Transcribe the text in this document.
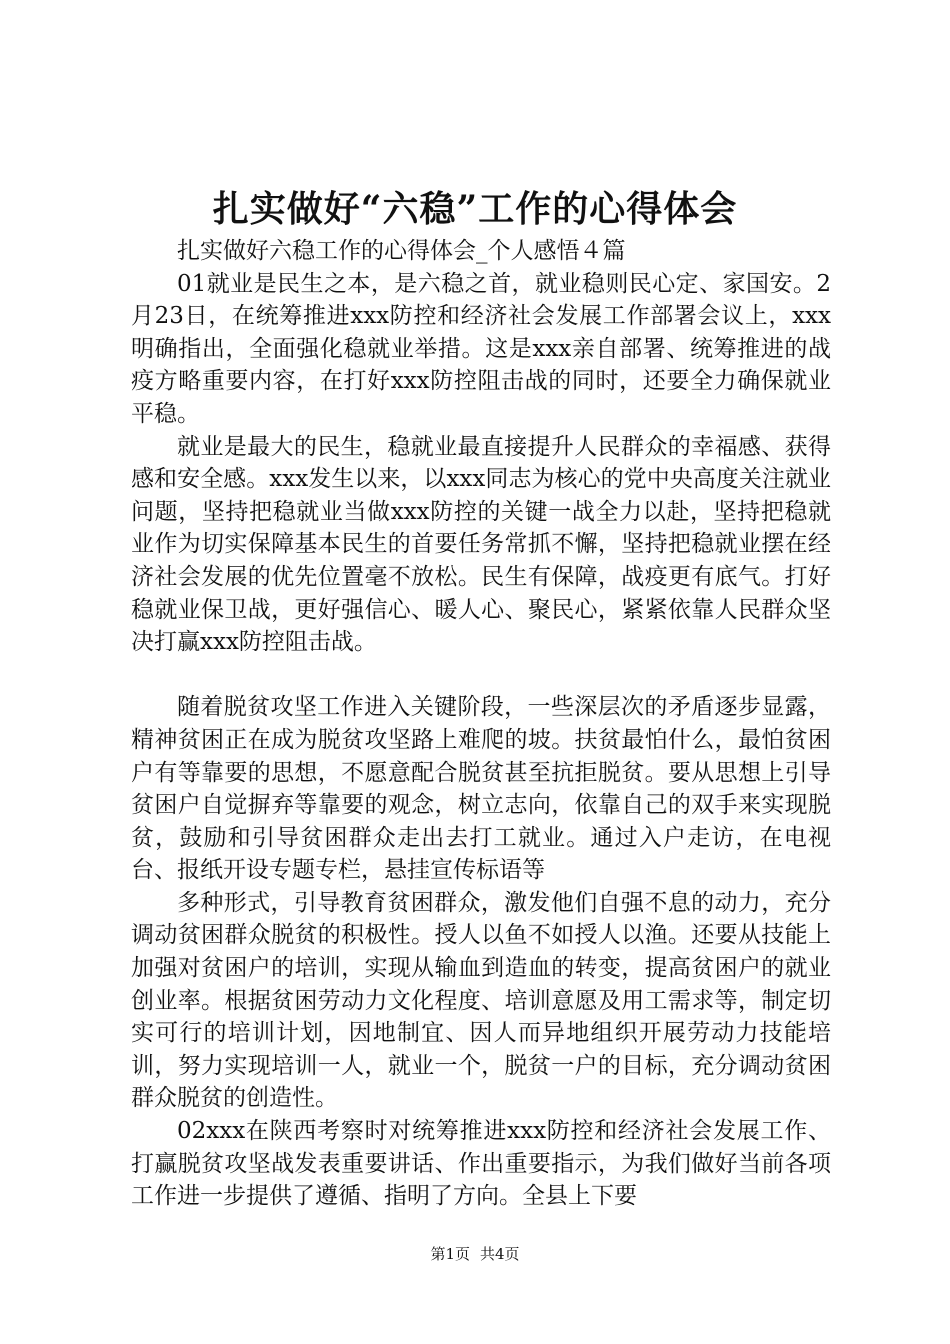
扎实做好“六稳”工作的心得体会

扎实做好六稳工作的心得体会_个人感悟４篇

01就业是民生之本，是六稳之首，就业稳则民心定、家国安。2月23日，在统筹推进xxx防控和经济社会发展工作部署会议上，xxx明确指出，全面强化稳就业举措。这是xxx亲自部署、统筹推进的战疫方略重要内容，在打好xxx防控阻击战的同时，还要全力确保就业平稳。

就业是最大的民生，稳就业最直接提升人民群众的幸福感、获得感和安全感。xxx发生以来，以xxx同志为核心的党中央高度关注就业问题，坚持把稳就业当做xxx防控的关键一战全力以赴，坚持把稳就业作为切实保障基本民生的首要任务常抓不懈，坚持把稳就业摆在经济社会发展的优先位置毫不放松。民生有保障，战疫更有底气。打好稳就业保卫战，更好强信心、暖人心、聚民心，紧紧依靠人民群众坚决打赢xxx防控阻击战。

随着脱贫攻坚工作进入关键阶段，一些深层次的矛盾逐步显露，精神贫困正在成为脱贫攻坚路上难爬的坡。扶贫最怕什么，最怕贫困户有等靠要的思想，不愿意配合脱贫甚至抗拒脱贫。要从思想上引导贫困户自觉摒弃等靠要的观念，树立志向，依靠自己的双手来实现脱贫，鼓励和引导贫困群众走出去打工就业。通过入户走访，在电视台、报纸开设专题专栏，悬挂宣传标语等

多种形式，引导教育贫困群众，激发他们自强不息的动力，充分调动贫困群众脱贫的积极性。授人以鱼不如授人以渔。还要从技能上加强对贫困户的培训，实现从输血到造血的转变，提高贫困户的就业创业率。根据贫困劳动力文化程度、培训意愿及用工需求等，制定切实可行的培训计划，因地制宜、因人而异地组织开展劳动力技能培训，努力实现培训一人，就业一个，脱贫一户的目标，充分调动贫困群众脱贫的创造性。

02xxx在陕西考察时对统筹推进xxx防控和经济社会发展工作、打赢脱贫攻坚战发表重要讲话、作出重要指示，为我们做好当前各项工作进一步提供了遵循、指明了方向。全县上下要

第1页 共4页
